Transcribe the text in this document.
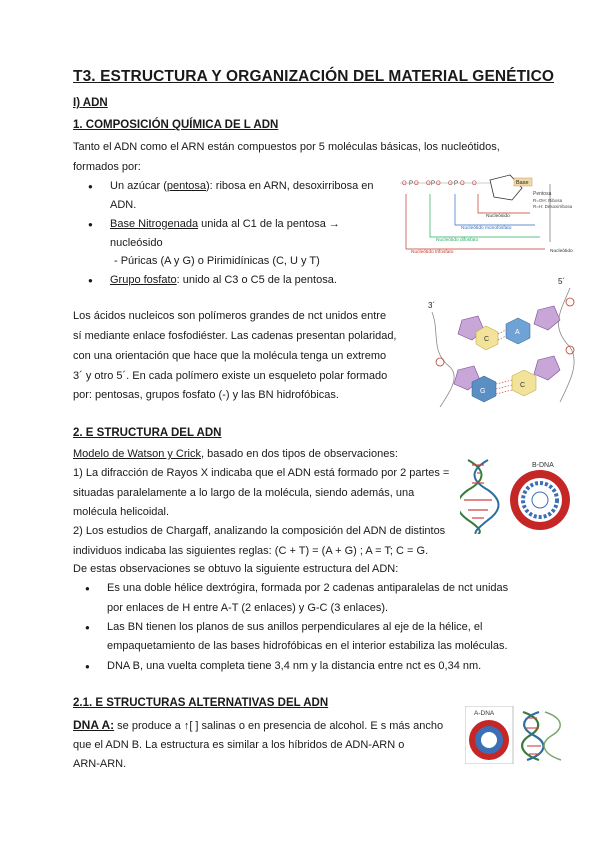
T3. ESTRUCTURA Y ORGANIZACIÓN DEL MATERIAL GENÉTICO
I) ADN
1. COMPOSICIÓN QUÍMICA DE L ADN
Tanto el ADN como el ARN están compuestos por 5 moléculas básicas, los nucleótidos,
formados por:
● Un azúcar (pentosa): ribosa en ARN, desoxirribosa en
ADN.
● Base Nitrogenada unida al C1 de la pentosa →
nucleósido
- Púricas (A y G) o Pirimidínicas (C, U y T)
● Grupo fosfato: unido al C3 o C5 de la pentosa.
Los ácidos nucleicos son polímeros grandes de nct unidos entre
sí mediante enlace fosfodiéster. Las cadenas presentan polaridad,
con una orientación que hace que la molécula tenga un extremo
3´ y otro 5´. En cada polímero existe un esqueleto polar formado
por: pentosas, grupos fosfato (-) y las BN hidrofóbicas.
2. E STRUCTURA DEL ADN
Modelo de Watson y Crick, basado en dos tipos de observaciones:
1) La difracción de Rayos X indicaba que el ADN está formado por 2 partes =
situadas paralelamente a lo largo de la molécula, siendo además, una
molécula helicoidal.
2) Los estudios de Chargaff, analizando la composición del ADN de distintos
individuos indicaba las siguientes reglas: (C + T) = (A + G) ; A = T; C = G.
De estas observaciones se obtuvo la siguiente estructura del ADN:
● Es una doble hélice dextrógira, formada por 2 cadenas antiparalelas de nct unidas
por enlaces de H entre A-T (2 enlaces) y G-C (3 enlaces).
● Las BN tienen los planos de sus anillos perpendiculares al eje de la hélice, el
empaquetamiento de las bases hidrofóbicas en el interior estabiliza las moléculas.
● DNA B, una vuelta completa tiene 3,4 nm y la distancia entre nct es 0,34 nm.
2.1. E STRUCTURAS ALTERNATIVAS DEL ADN
DNA A: se produce a ↑[ ] salinas o en presencia de alcohol. E s más ancho
que el ADN B. La estructura es similar a los híbridos de ADN-ARN o
ARN-ARN.
O O O O O O O
P	P	P	Base
Pentosa
R=OH: Ribosa
R=H: Desoxirribosa
Nucleósido
Nucleótido monofosfato
Nucleótido difosfato
Nucleótido trifosfato	Nucleótido
5´
3´
C
A
G
C
B-DNA
A-DNA
